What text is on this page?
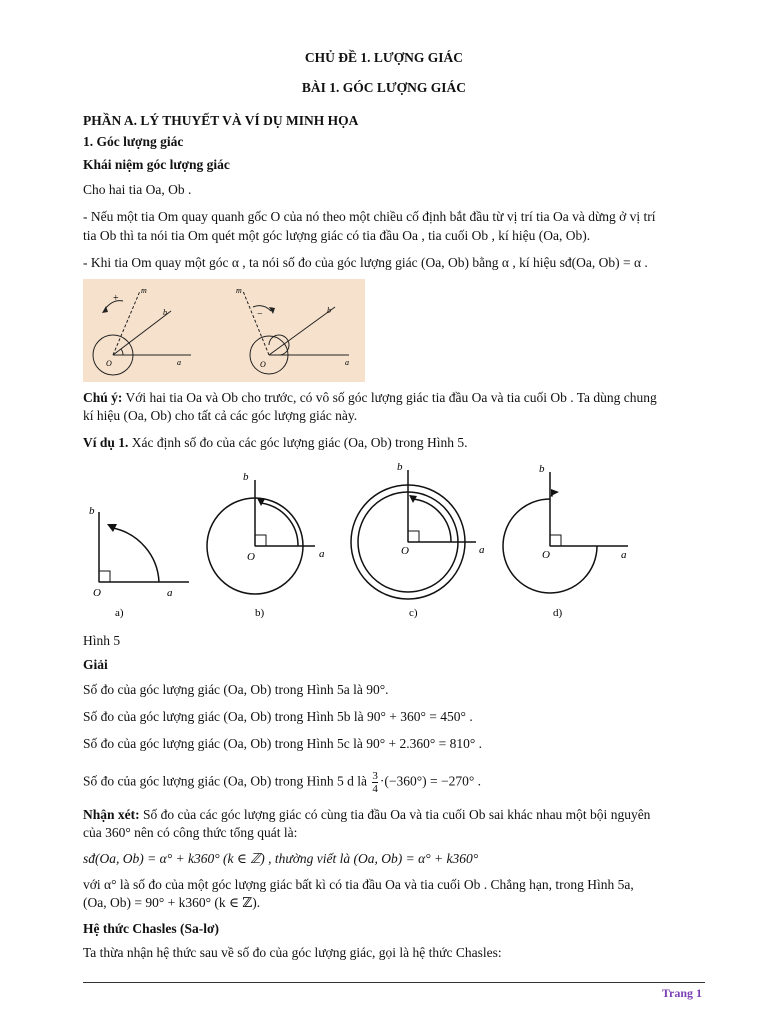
CHỦ ĐỀ 1. LƯỢNG GIÁC
BÀI 1. GÓC LƯỢNG GIÁC
PHẦN A. LÝ THUYẾT VÀ VÍ DỤ MINH HỌA
1. Góc lượng giác
Khái niệm góc lượng giác
Cho hai tia Oa, Ob .
- Nếu một tia Om quay quanh gốc O của nó theo một chiều cố định bắt đầu từ vị trí tia Oa và dừng ở vị trí
tia Ob thì ta nói tia Om quét một góc lượng giác có tia đầu Oa , tia cuối Ob , kí hiệu (Oa, Ob).
- Khi tia Om quay một góc α , ta nói số đo của góc lượng giác (Oa, Ob) bằng α , kí hiệu sđ(Oa, Ob) = α .
+
m
b
O	a
−
m
b
O	a
Chú ý: Với hai tia Oa và Ob cho trước, có vô số góc lượng giác tia đầu Oa và tia cuối Ob . Ta dùng chung
kí hiệu (Oa, Ob) cho tất cả các góc lượng giác này.
Ví dụ 1. Xác định số đo của các góc lượng giác (Oa, Ob) trong Hình 5.
b
O	a
a)
b
O	a
b)
b
O	a
c)
b
O	a
d)
Hình 5
Giải
Số đo của góc lượng giác (Oa, Ob) trong Hình 5a là 90°.
Số đo của góc lượng giác (Oa, Ob) trong Hình 5b là 90° + 360° = 450° .
Số đo của góc lượng giác (Oa, Ob) trong Hình 5c là 90° + 2.360° = 810° .
Số đo của góc lượng giác (Oa, Ob) trong Hình 5 d là $\frac{3}{4} \cdot(-360^\circ) = -270^\circ$ .
Nhận xét: Số đo của các góc lượng giác có cùng tia đầu Oa và tia cuối Ob sai khác nhau một bội nguyên
của 360° nên có công thức tổng quát là:
sđ(Oa, Ob) = α° + k360° (k ∈ ℤ) , thường viết là (Oa, Ob) = α° + k360°
với α° là số đo của một góc lượng giác bất kì có tia đầu Oa và tia cuối Ob . Chẳng hạn, trong Hình 5a,
(Oa, Ob) = 90° + k360° (k ∈ ℤ).
Hệ thức Chasles (Sa-lơ)
Ta thừa nhận hệ thức sau về số đo của góc lượng giác, gọi là hệ thức Chasles:
Trang 1
